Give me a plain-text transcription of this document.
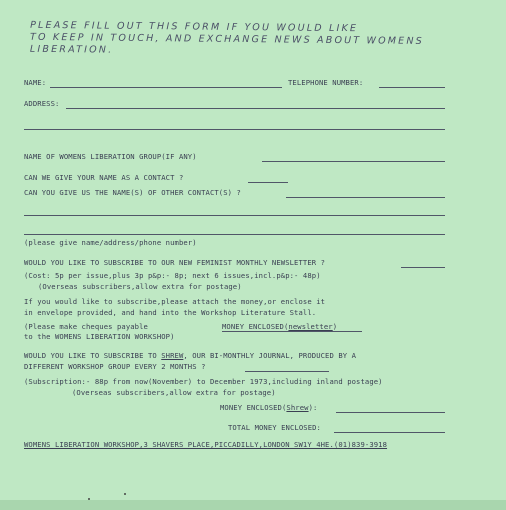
PLEASE FILL OUT THIS FORM IF YOU WOULD LIKE
TO KEEP IN TOUCH, AND EXCHANGE NEWS ABOUT WOMENS
LIBERATION.
NAME:	TELEPHONE NUMBER:
ADDRESS:
NAME OF WOMENS LIBERATION GROUP(IF ANY)
CAN WE GIVE YOUR NAME AS A CONTACT ?
CAN YOU GIVE US THE NAME(S) OF OTHER CONTACT(S) ?
(please give name/address/phone number)
WOULD YOU LIKE TO SUBSCRIBE TO OUR NEW FEMINIST MONTHLY NEWSLETTER ?
(Cost: 5p per issue,plus 3p p&p:- 8p; next 6 issues,incl.p&p:- 48p)
(Overseas subscribers,allow extra for postage)
If you would like to subscribe,please attach the money,or enclose it
in envelope provided, and hand into the Workshop Literature Stall.
(Please make cheques payable
to the WOMENS LIBERATION WORKSHOP)
MONEY ENCLOSED(newsletter)
WOULD YOU LIKE TO SUBSCRIBE TO SHREW, OUR BI-MONTHLY JOURNAL, PRODUCED BY A
DIFFERENT WORKSHOP GROUP EVERY 2 MONTHS ?
(Subscription:- 88p from now(November) to December 1973,including inland postage)
(Overseas subscribers,allow extra for postage)
MONEY ENCLOSED(Shrew):
TOTAL MONEY ENCLOSED:
WOMENS LIBERATION WORKSHOP,3 SHAVERS PLACE,PICCADILLY,LONDON SW1Y 4HE.(01)839-3918
